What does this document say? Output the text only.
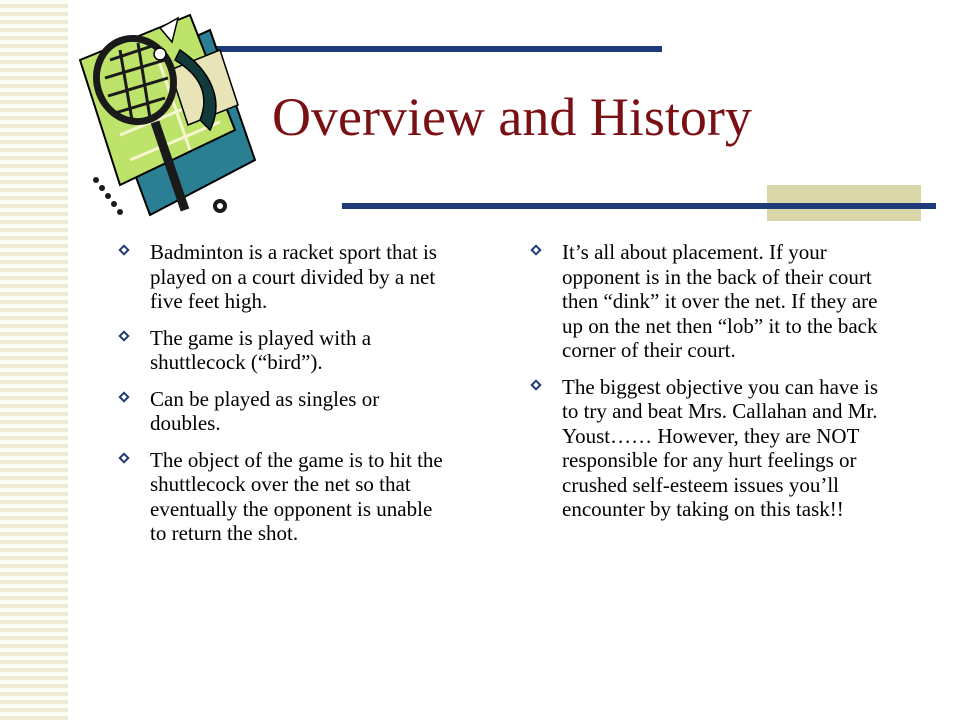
Overview and History
Badminton is a racket sport that is played on a court divided by a net five feet high.
The game is played with a shuttlecock (“bird”).
Can be played as singles or doubles.
The object of the game is to hit the shuttlecock over the net so that eventually the opponent is unable to return the shot.
It’s all about placement. If your opponent is in the back of their court then “dink” it over the net. If they are up on the net then “lob” it to the back corner of their court.
The biggest objective you can have is to try and beat Mrs. Callahan and Mr. Youst…… However, they are NOT responsible for any hurt feelings or crushed self-esteem issues you’ll encounter by taking on this task!!
